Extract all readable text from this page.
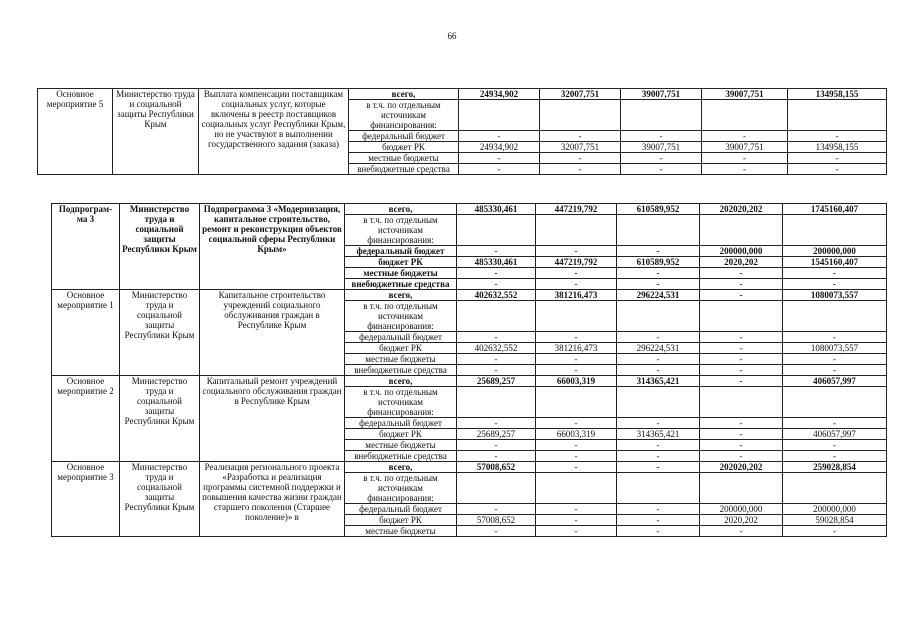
66
Основное мероприятие 5	Министерство труда и социальной защиты Республики Крым	Выплата компенсации поставщикам социальных услуг, которые включены в реестр поставщиков социальных услуг Республики Крым, но не участвуют в выполнении государственного задания (заказа)	всего,	24934,902	32007,751	39007,751	39007,751	134958,155
			в т.ч. по отдельным источникам финансирования:					
			федеральный бюджет	-	-	-	-	-
			бюджет РК	24934,902	32007,751	39007,751	39007,751	134958,155
			местные бюджеты	-	-	-	-	-
			внебюджетные средства	-	-	-	-	-
Подпрограм-ма 3	Министерство труда и социальной защиты Республики Крым	Подпрограмма 3 «Модернизация, капитальное строительство, ремонт и реконструкция объектов социальной сферы Республики Крым»	всего,	485330,461	447219,792	610589,952	202020,202	1745160,407
			в т.ч. по отдельным источникам финансирования:					
			федеральный бюджет	-	-	-	200000,000	200000,000
			бюджет РК	485330,461	447219,792	610589,952	2020,202	1545160,407
			местные бюджеты	-	-	-	-	-
			внебюджетные средства	-	-	-	-	-
Основное мероприятие 1	Министерство труда и социальной защиты Республики Крым	Капитальное строительство учреждений социального обслуживания граждан в Республике Крым	всего,	402632,552	381216,473	296224,531	-	1080073,557
			в т.ч. по отдельным источникам финансирования:					
			федеральный бюджет	-	-	-	-	-
			бюджет РК	402632,552	381216,473	296224,531	-	1080073,557
			местные бюджеты	-	-	-	-	-
			внебюджетные средства	-	-	-	-	-
Основное мероприятие 2	Министерство труда и социальной защиты Республики Крым	Капитальный ремонт учреждений социального обслуживания граждан в Республике Крым	всего,	25689,257	66003,319	314365,421	-	406057,997
			в т.ч. по отдельным источникам финансирования:					
			федеральный бюджет	-	-	-	-	-
			бюджет РК	25689,257	66003,319	314365,421	-	406057,997
			местные бюджеты	-	-	-	-	-
			внебюджетные средства	-	-	-	-	-
Основное мероприятие 3	Министерство труда и социальной защиты Республики Крым	Реализация регионального проекта «Разработка и реализация программы системной поддержки и повышения качества жизни граждан старшего поколения (Старшее поколение)» в	всего,	57008,652	-	-	202020,202	259028,854
			в т.ч. по отдельным источникам финансирования:					
			федеральный бюджет	-	-	-	200000,000	200000,000
			бюджет РК	57008,652	-	-	2020,202	59028,854
			местные бюджеты	-	-	-	-	-
